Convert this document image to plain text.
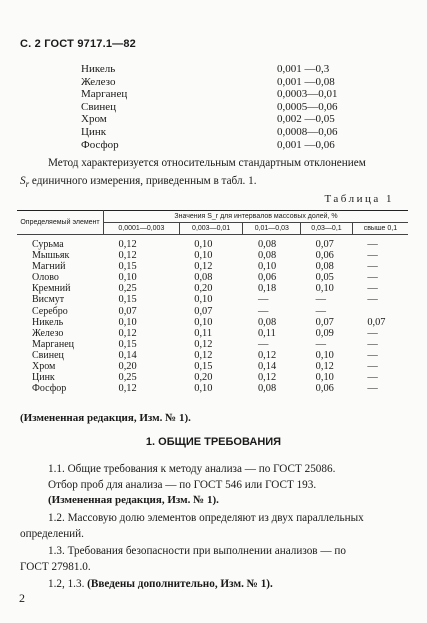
С. 2 ГОСТ 9717.1—82
Никель	0,001 —0,3
Железо	0,001 —0,08
Марганец	0,0003—0,01
Свинец	0,0005—0,06
Хром	0,002 —0,05
Цинк	0,0008—0,06
Фосфор	0,001 —0,06
Метод характеризуется относительным стандартным отклонением
$S_r$ единичного измерения, приведенным в табл. 1.
Таблица 1
Определяемый элемент	Значения S_r для интервалов массовых долей, %				
	0,0001—0,003	0,003—0,01	0,01—0,03	0,03—0,1	свыше 0,1

Сурьма	0,12	0,10	0,08	0,07	—
Мышьяк	0,12	0,10	0,08	0,06	—
Магний	0,15	0,12	0,10	0,08	—
Олово	0,10	0,08	0,06	0,05	—
Кремний	0,25	0,20	0,18	0,10	—
Висмут	0,15	0,10	—	—	—
Серебро	0,07	0,07	—	—	
Никель	0,10	0,10	0,08	0,07	0,07
Железо	0,12	0,11	0,11	0,09	—
Марганец	0,15	0,12	—	—	—
Свинец	0,14	0,12	0,12	0,10	—
Хром	0,20	0,15	0,14	0,12	—
Цинк	0,25	0,20	0,12	0,10	—
Фосфор	0,12	0,10	0,08	0,06	—
(Измененная редакция, Изм. № 1).
1. ОБЩИЕ ТРЕБОВАНИЯ
1.1. Общие требования к методу анализа — по ГОСТ 25086.
Отбор проб для анализа — по ГОСТ 546 или ГОСТ 193.
(Измененная редакция, Изм. № 1).
1.2. Массовую долю элементов определяют из двух параллельных
определений.
1.3. Требования безопасности при выполнении анализов — по
ГОСТ 27981.0.
1.2, 1.3. (Введены дополнительно, Изм. № 1).
2
